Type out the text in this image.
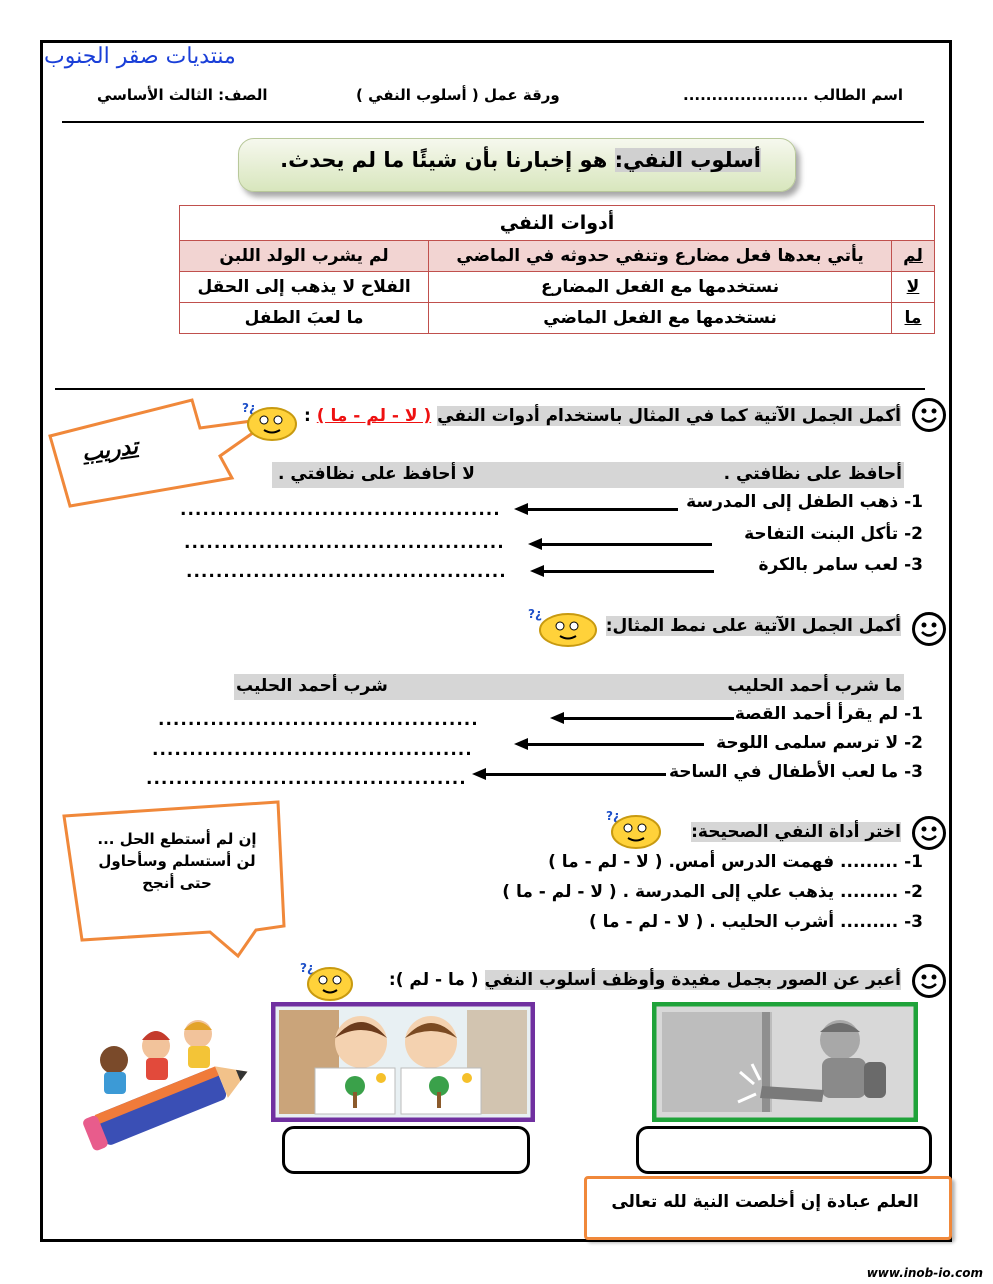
منتديات صقر الجنوب
اسم الطالب ......................
ورقة عمل ( أسلوب النفي )
الصف: الثالث الأساسي
أسلوب النفي: هو إخبارنا بأن شيئًا ما لم يحدث.
أدوات النفي		
لم	يأتي بعدها فعل مضارع وتنفي حدوثه في الماضي	لم يشرب الولد اللبن
لا	نستخدمها مع الفعل المضارع	الفلاح لا يذهب إلى الحقل
ما	نستخدمها مع الفعل الماضي	ما لعبَ الطفل
تدريب
?¿	أكمل الجمل الآتية كما في المثال باستخدام أدوات النفي ( لا - لم - ما ) :
أحافظ على نظافتي .
لا أحافظ على نظافتي .
1- ذهب الطفل إلى المدرسة
...........................................
2- تأكل البنت التفاحة
...........................................
3- لعب سامر بالكرة
...........................................
?¿
أكمل الجمل الآتية على نمط المثال:
ما شرب أحمد الحليب
شرب أحمد الحليب
1- لم يقرأ أحمد القصة
...........................................
2- لا ترسم سلمى اللوحة
...........................................
3- ما لعب الأطفال في الساحة
...........................................
إن لم أستطع الحل ...
لن أستسلم وسأحاول
حتى أنجح
?¿
اختر أداة النفي الصحيحة:
1- ......... فهمت الدرس أمس. ( لا - لم - ما )
2- ......... يذهب علي إلى المدرسة . ( لا - لم - ما )
3- ......... أشرب الحليب . ( لا - لم - ما )
?¿
أعبر عن الصور بجمل مفيدة وأوظف أسلوب النفي ( ما - لم ):
العلم عبادة إن أخلصت النية لله تعالى
www.inob-io.com
